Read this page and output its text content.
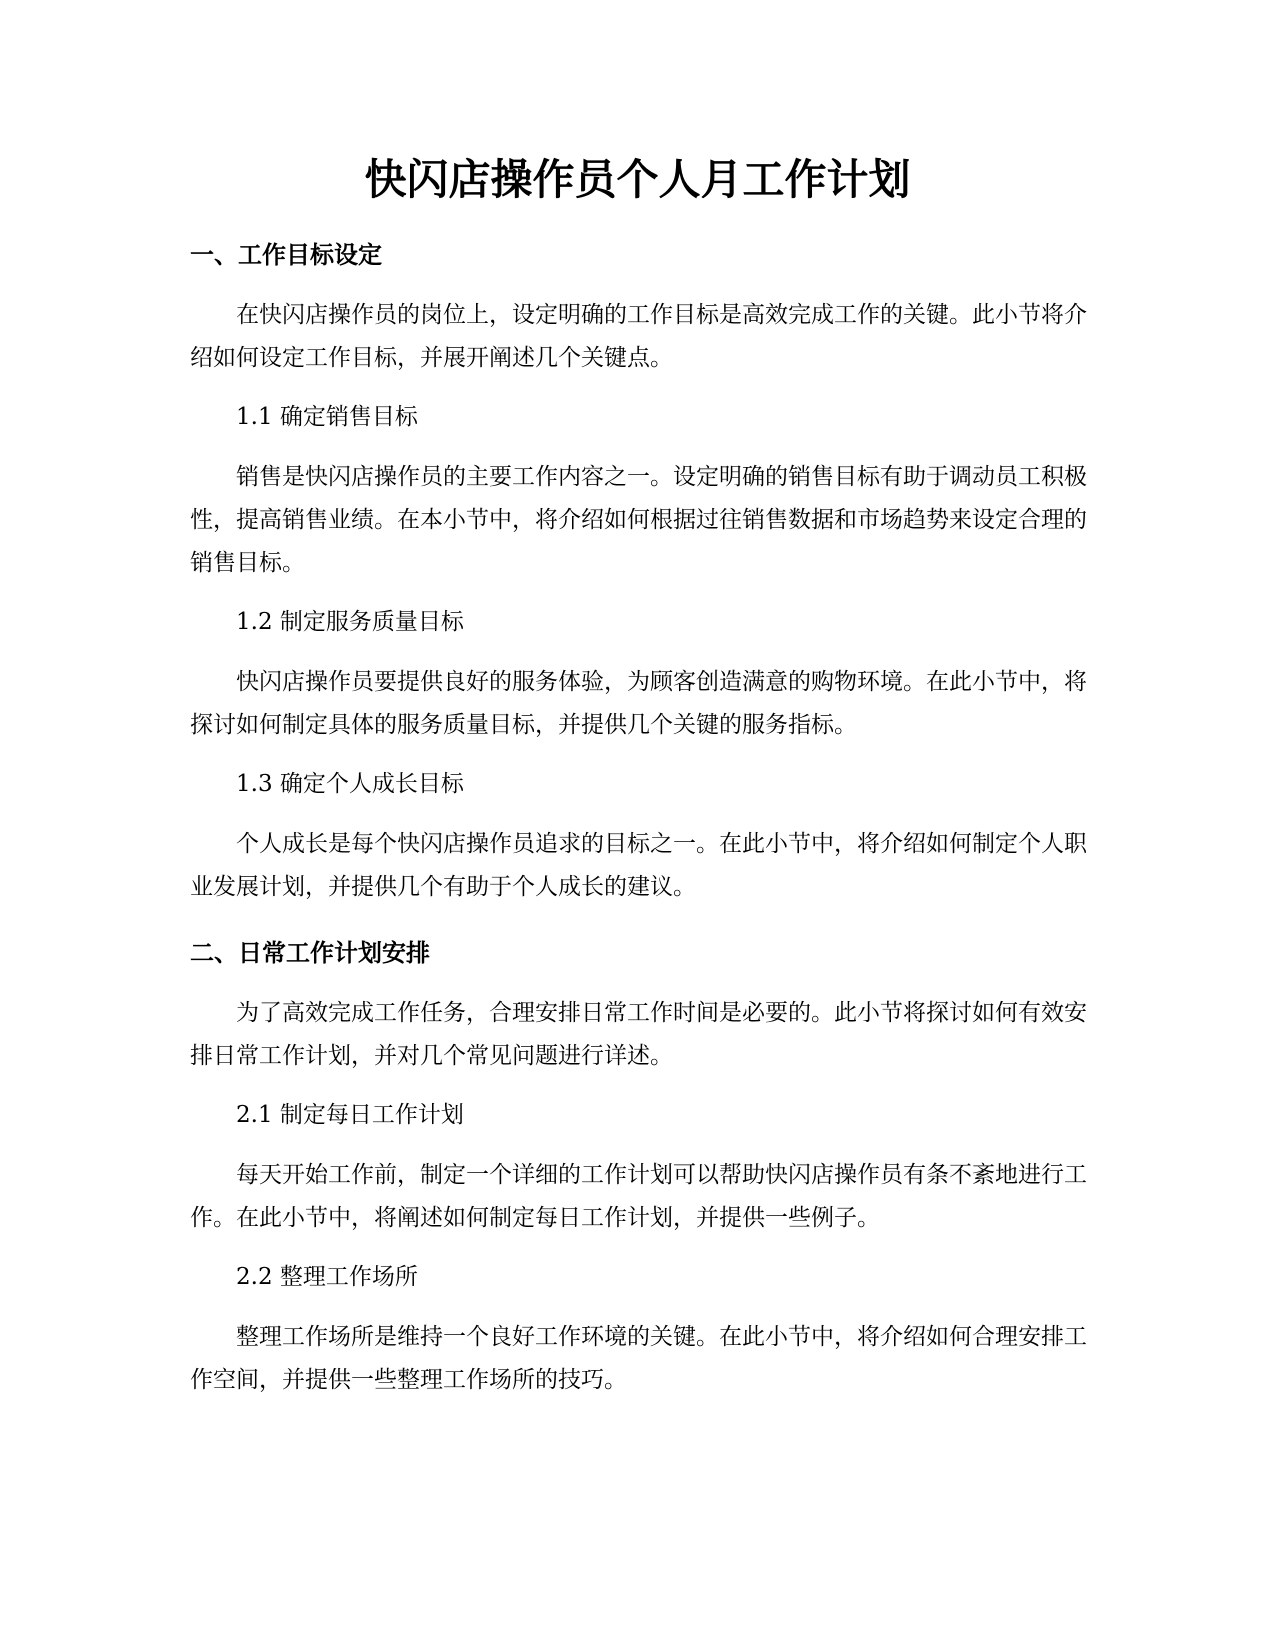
快闪店操作员个人月工作计划
一、工作目标设定

在快闪店操作员的岗位上，设定明确的工作目标是高效完成工作的关键。此小节将介绍如何设定工作目标，并展开阐述几个关键点。

1.1 确定销售目标

销售是快闪店操作员的主要工作内容之一。设定明确的销售目标有助于调动员工积极性，提高销售业绩。在本小节中，将介绍如何根据过往销售数据和市场趋势来设定合理的销售目标。

1.2 制定服务质量目标

快闪店操作员要提供良好的服务体验，为顾客创造满意的购物环境。在此小节中，将探讨如何制定具体的服务质量目标，并提供几个关键的服务指标。

1.3 确定个人成长目标

个人成长是每个快闪店操作员追求的目标之一。在此小节中，将介绍如何制定个人职业发展计划，并提供几个有助于个人成长的建议。

二、日常工作计划安排

为了高效完成工作任务，合理安排日常工作时间是必要的。此小节将探讨如何有效安排日常工作计划，并对几个常见问题进行详述。

2.1 制定每日工作计划

每天开始工作前，制定一个详细的工作计划可以帮助快闪店操作员有条不紊地进行工作。在此小节中，将阐述如何制定每日工作计划，并提供一些例子。

2.2 整理工作场所

整理工作场所是维持一个良好工作环境的关键。在此小节中，将介绍如何合理安排工作空间，并提供一些整理工作场所的技巧。
